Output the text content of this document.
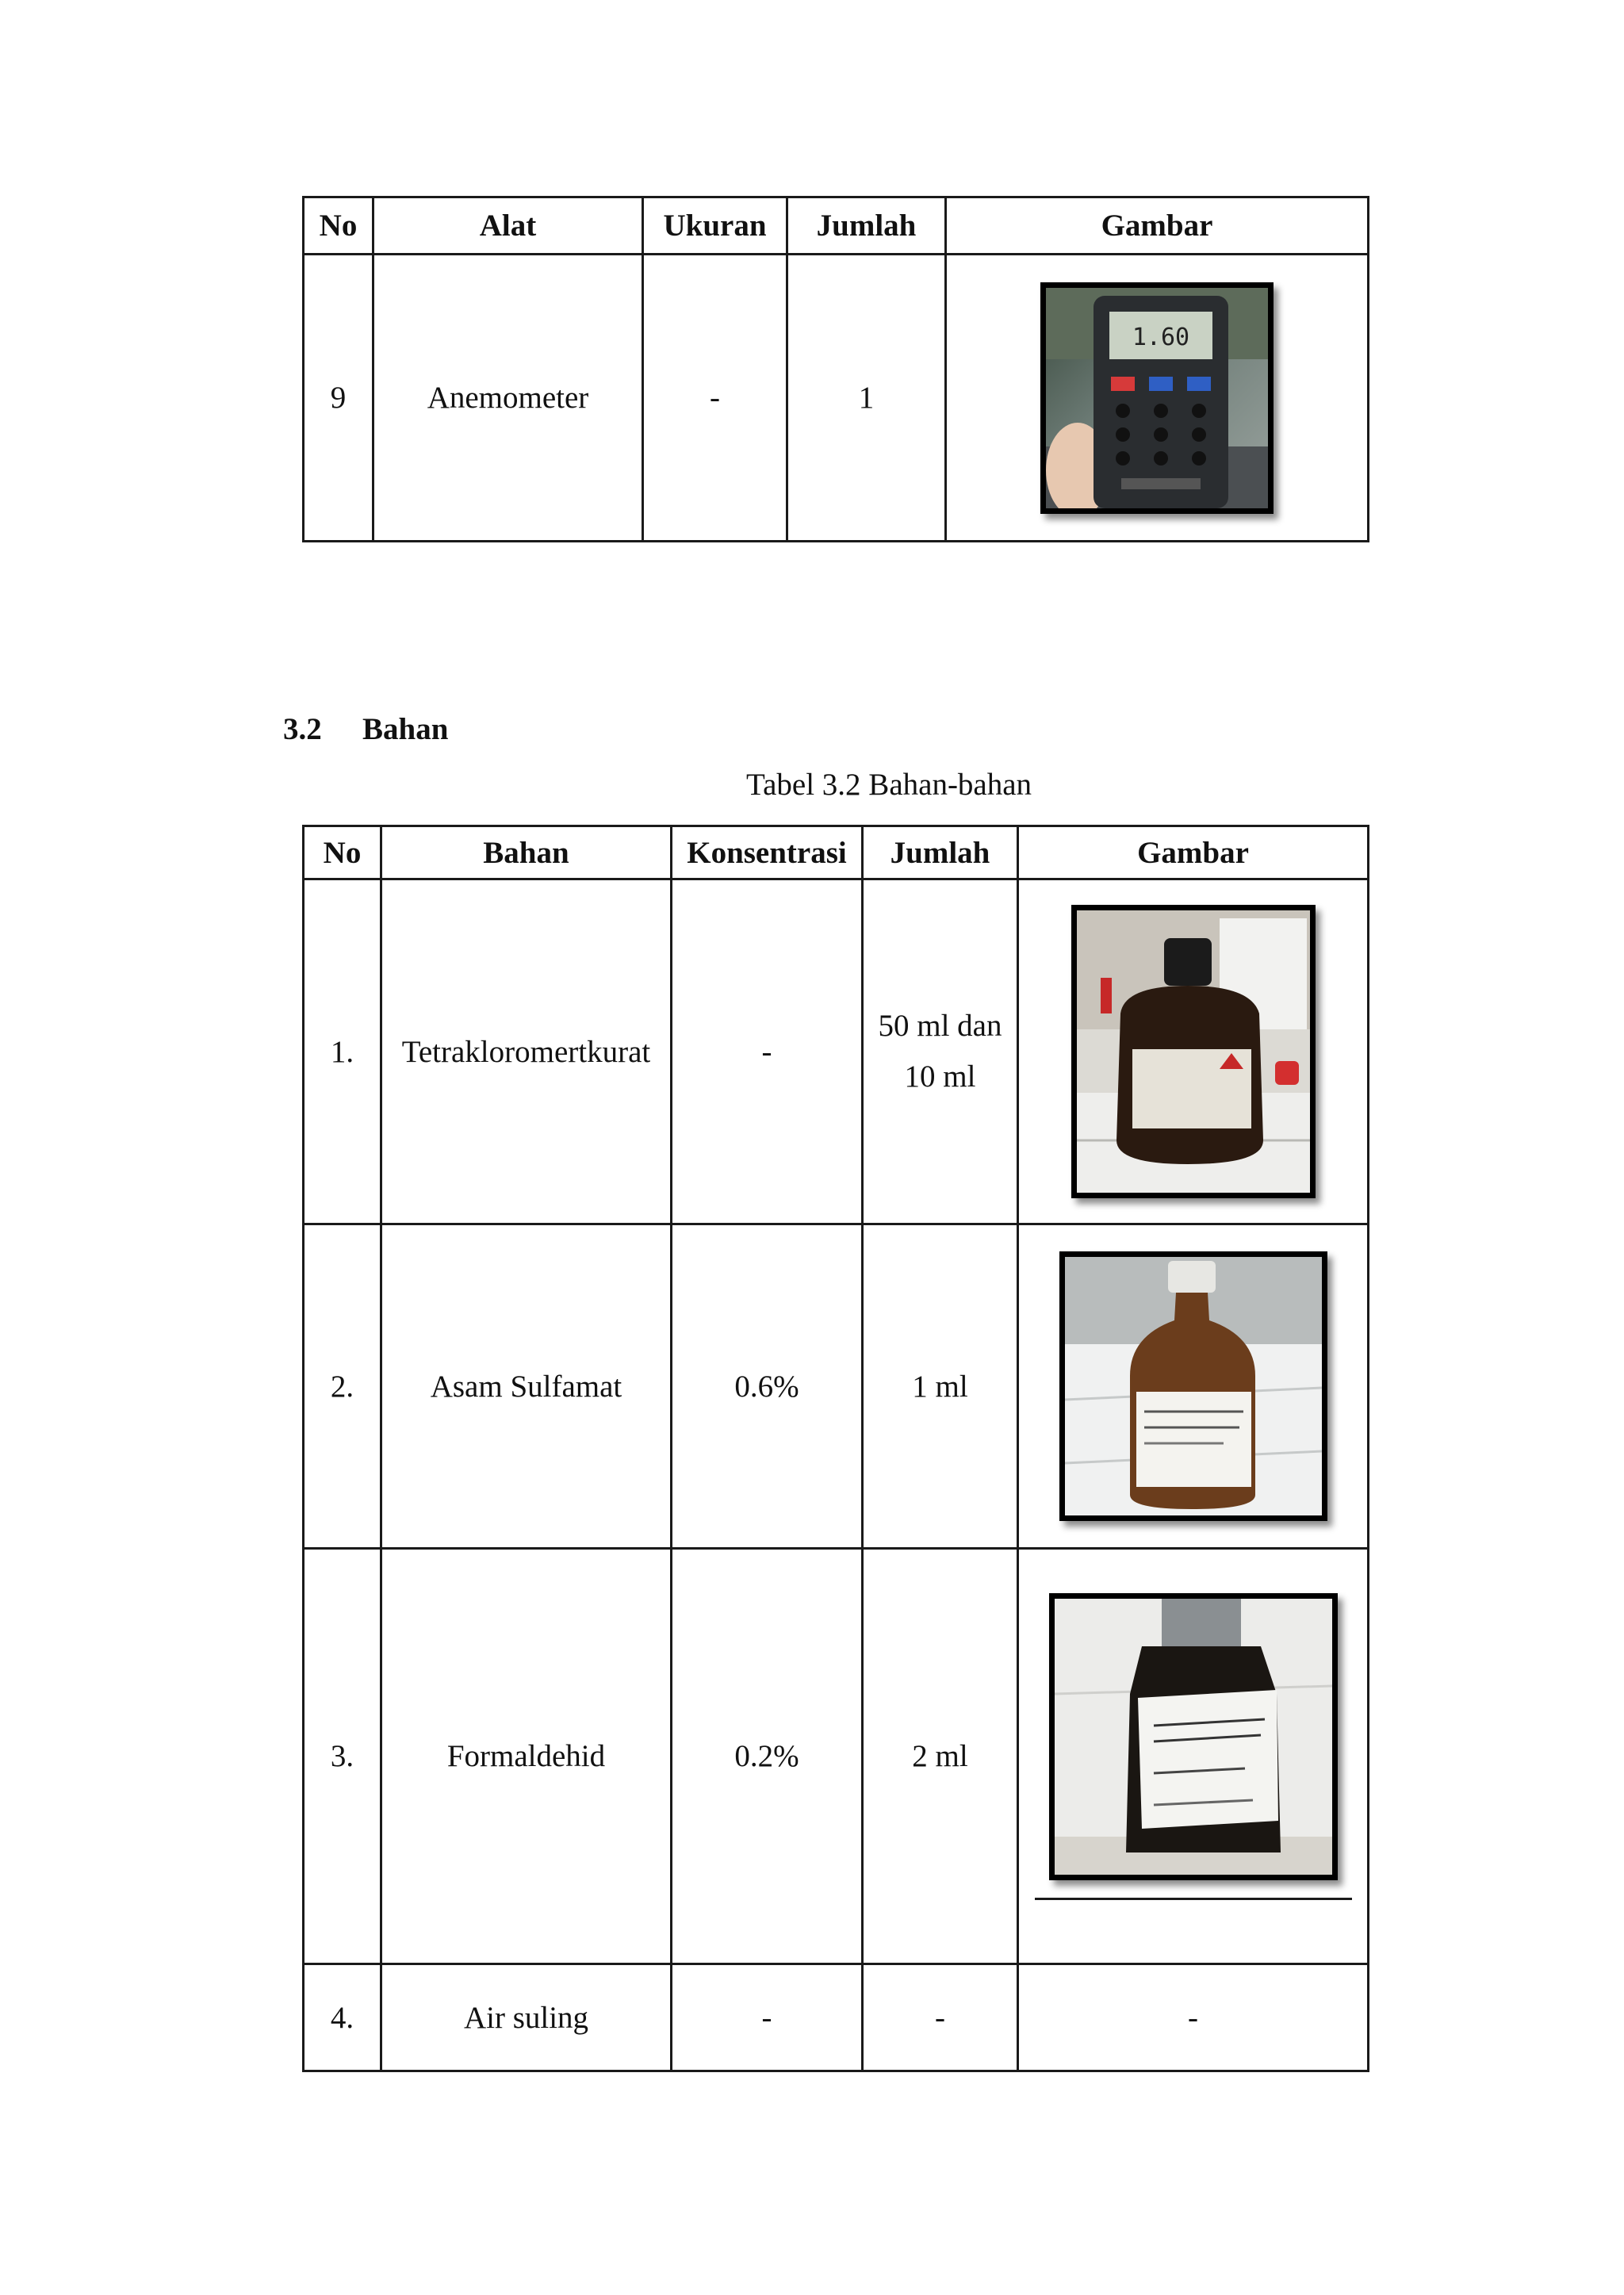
No	Alat	Ukuran	Jumlah	Gambar
9	Anemometer	-	1	1.60
3.2 Bahan
Tabel 3.2 Bahan-bahan
No	Bahan	Konsentrasi	Jumlah	Gambar
1.	Tetrakloromertkurat	-	50 ml dan
10 ml

2.	Asam Sulfamat	0.6%	1 ml	

3.	Formaldehid	0.2%	2 ml	

4.	Air suling	-	-	-
